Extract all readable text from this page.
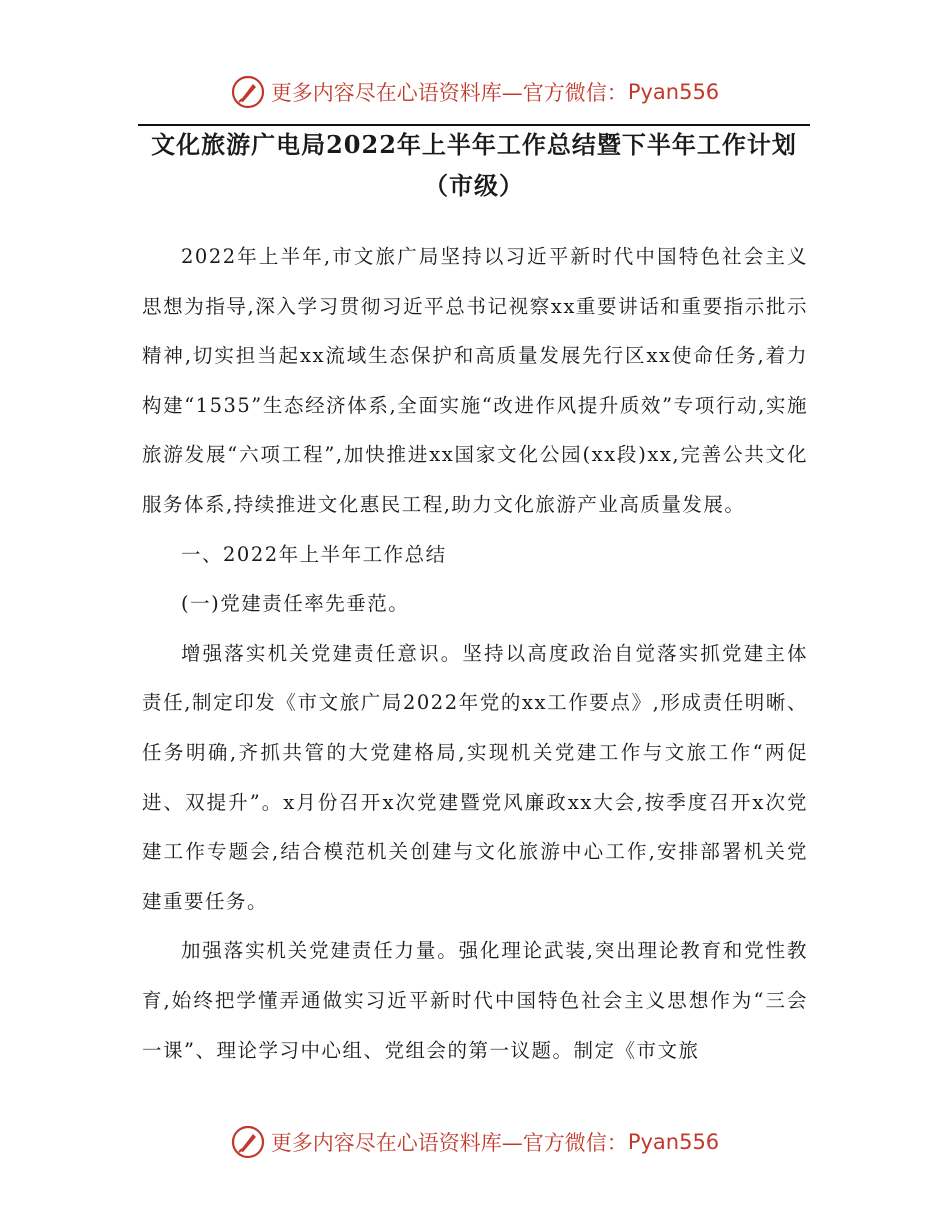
更多内容尽在心语资料库—官方微信： Pyan556
文化旅游广电局2022年上半年工作总结暨下半年工作计划
（市级）

2022年上半年,市文旅广局坚持以习近平新时代中国特色社会主义思想为指导,深入学习贯彻习近平总书记视察xx重要讲话和重要指示批示精神,切实担当起xx流域生态保护和高质量发展先行区xx使命任务,着力构建“1535”生态经济体系,全面实施“改进作风提升质效”专项行动,实施旅游发展“六项工程”,加快推进xx国家文化公园(xx段)xx,完善公共文化服务体系,持续推进文化惠民工程,助力文化旅游产业高质量发展。

一、2022年上半年工作总结

(一)党建责任率先垂范。

增强落实机关党建责任意识。坚持以高度政治自觉落实抓党建主体责任,制定印发《市文旅广局2022年党的xx工作要点》,形成责任明晰、任务明确,齐抓共管的大党建格局,实现机关党建工作与文旅工作“两促进、双提升”。x月份召开x次党建暨党风廉政xx大会,按季度召开x次党建工作专题会,结合模范机关创建与文化旅游中心工作,安排部署机关党建重要任务。

加强落实机关党建责任力量。强化理论武装,突出理论教育和党性教育,始终把学懂弄通做实习近平新时代中国特色社会主义思想作为“三会一课”、理论学习中心组、党组会的第一议题。制定《市文旅

更多内容尽在心语资料库—官方微信： Pyan556
